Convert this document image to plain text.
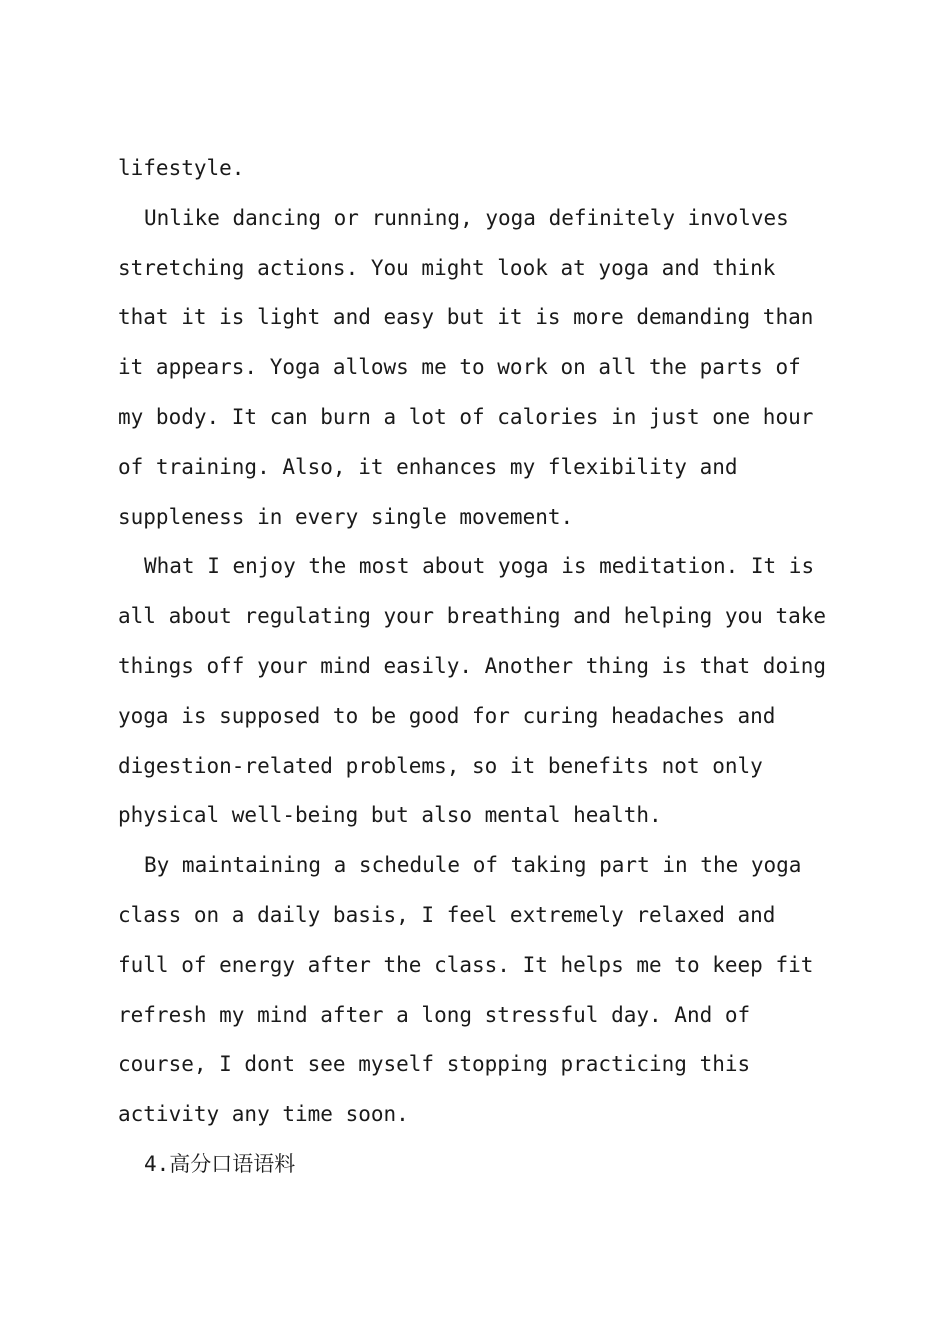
lifestyle.
Unlike dancing or running, yoga definitely involves
stretching actions. You might look at yoga and think
that it is light and easy but it is more demanding than
it appears. Yoga allows me to work on all the parts of
my body. It can burn a lot of calories in just one hour
of training. Also, it enhances my flexibility and
suppleness in every single movement.
What I enjoy the most about yoga is meditation. It is
all about regulating your breathing and helping you take
things off your mind easily. Another thing is that doing
yoga is supposed to be good for curing headaches and
digestion-related problems, so it benefits not only
physical well-being but also mental health.
By maintaining a schedule of taking part in the yoga
class on a daily basis, I feel extremely relaxed and
full of energy after the class. It helps me to keep fit
refresh my mind after a long stressful day. And of
course, I dont see myself stopping practicing this
activity any time soon.
4.高分口语语料
